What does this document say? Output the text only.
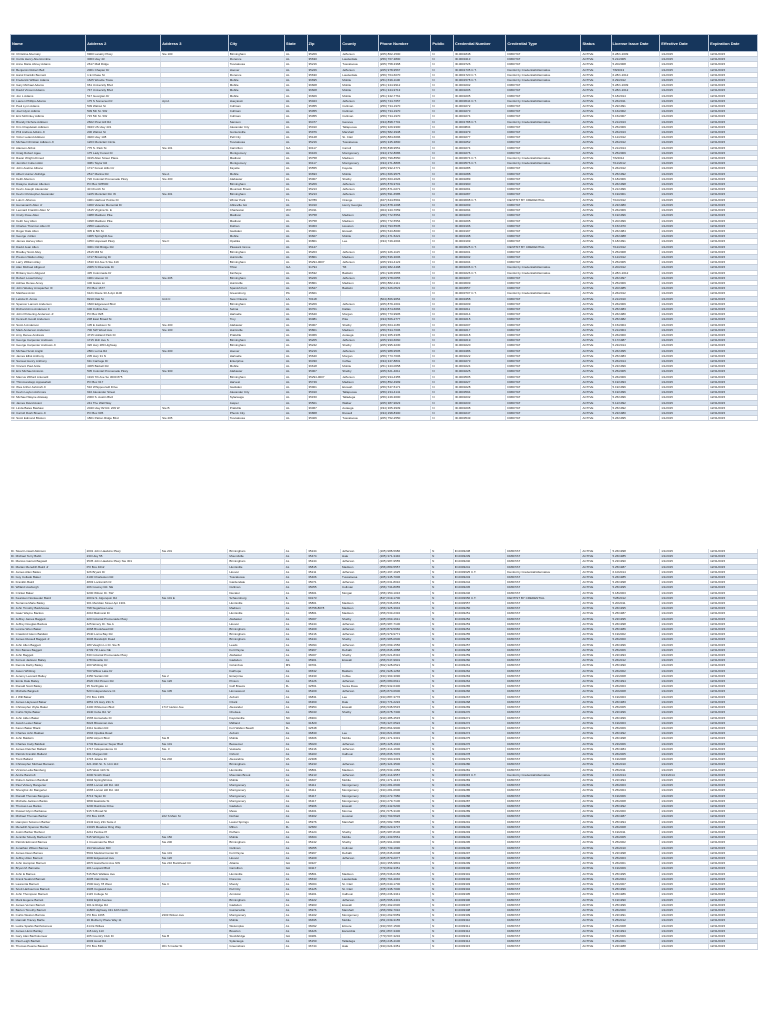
Name	Address 2	Address 3	City	State	Zip	County	Phone Number	Public	Credential Number	Credential Type	Status	License Issue Date	Effective Date	Expiration Date
Dr. Christina Abernaty	6900 Lanatry Pkwy	Ste 100	Birmingham	AL	35209	Jefferson	(205) 802-1500	N	ID.0001848	DMD/TAT	ACTIVE	6.28/1.2009	1/1/2015	12/31/2015
Dr. Curtis Henry Abercrombie	3063 Hwy 43		Florence	AL	35630	Lauderdale	(256) 767-3800	N	ID.0003413	DMD/TAT	ACTIVE	5.21/2005	1/1/2015	12/31/2015
Dr. Anne Marie Abney Adams	2617 Mall Ridge		Tuscaloosa	AL	35216	Tuscaloosa	(205) 758-3368	N	ID.0003726	DMD/TAT	ACTIVE	5.20/2008	1/1/2015	12/31/2015
Dr. Benjamin Robert Bell	2001 Chapter Dr		Hoover	AL	35226	Jefferson	(205) 978-9567	N	ID.0001735 C.T.	Dentist by Credential/Alternative	ACTIVE	7/8/2013	1/1/2015	12/31/2015
Dr. Harol Franklin Bennett	1 E Chase St		Florence	AL	35630	Lauderdale	(256) 764-6070	N	ID.0001720 C.T.	Dentist by Credential/Alternative	ACTIVE	6.28/1.2012	1/1/2015	12/31/2015
Dr. Frederick William Adams	1625 Woodie Trace		Mobile	AL	36695	Mobile	(251) 639-1100	N	ID.0001578 C.T.	Dentist by Credential/Alternative	ACTIVE	6.29/2012	1/1/2015	12/31/2015
Dr. Gary Michael Adams	661 University Blvd		Mobile	AL	36608	Mobile	(251) 344-9912	N	ID.0003202	DMD/TAT	ACTIVE	5.28/1.2009	1/1/2015	12/31/2015
Dr. David Vincent Adams	747 University Blvd		Mobile	AL	36608	Mobile	(251) 344-9713	N	ID.0003205	DMD/TAT	ACTIVE	5.28/1.2012	1/1/2015	12/31/2015
Dr. Jon L Adams	517 Georgian Dr		Mobile	AL	36609	Mobile	(251) 342-7761	N	ID.0003205	DMD/TAT	ACTIVE	5.18/2014	1/1/2015	12/31/2015
Dr. Lauren Phillips Adams	175 S Somerset Dr	Apt A	Hueytown	AL	35023	Jefferson	(205) 744-7057	N	ID.0003644 C.T.	Dentist by Credential/Alternative	ACTIVE	5.26/2011	1/1/2015	12/31/2015
Dr. Paul Lynn Adams	509 Walnut St		Cullman	AL	35055	Cullman	(256) 734-1970	N	ID.0003272	DMD/TAT	ACTIVE	5.29/1991	1/1/2015	12/31/2015
Dr. Joel Glynn Adkins	509 5th St. SW		Cullman	AL	35055	Cullman	(256) 734-1970	N	ID.0003273	DMD/TAT	ACTIVE	5.16/2002	1/1/2015	12/31/2015
Dr. Eric McKinley Adkins	715 5th St. SW		Cullman	AL	35055	Cullman	(256) 734-1970	N	ID.0003274	DMD/TAT	ACTIVE	5.15/2007	1/1/2015	12/31/2015
Dr. Brandy Nichole Adkison	2602 Pinel Hill Rd		Samson	AL	36477	Geneva	(334) 898-7701	N	ID.0001788 C.T.	Dentist by Credential/Alternative	ACTIVE	5.21/2013	1/1/2015	12/31/2015
Dr. Kim Chapdelain Adkison	3943 US Hwy 431		Alexander City	AL	35010	Tallapoosa	(256) 329-9300	N	ID.0000834	DMD/TAT	ACTIVE	5.25/2009	1/1/2015	12/31/2015
Dr. Phil Andrew Adkins Jr	200 Walnut St		Guntersville	AL	35976	Marshall	(256) 582-3938	N	ID.0003479	DMD/TAT	ACTIVE	5.26/2013	1/1/2015	12/31/2015
Dr. Victor Leland Adkison	4920 Hwy 138		Pell City	AL	35128	St. Clair	(205) 884-6696	N	ID.0003277	DMD/TAT	ACTIVE	5.12/2012	1/1/2015	12/31/2015
Dr. Michael Christian Adkison Jr	1203 Montclair Circle		Tuscaloosa	AL	35216	Tuscaloosa	(205) 345-3800	N	ID.0003252	DMD/TAT	ACTIVE	5.26/2012	1/1/2015	12/31/2015
Dr. Alanson Abbot	775 S. Park St	Ste 101	Carrollton	GA	30117	Carroll	(678) 838-9551	N	ID.0003274	DMD/TAT	ACTIVE	5.21/2014	1/1/2015	12/31/2015
Dr. Craig Robert Agee	175 Lady Forest Dr		Montgomery	AL	36109	Montgomery	(334) 272-8686	N	ID.0003276	DMD/TAT	ACTIVE	5.25/2009	1/1/2015	12/31/2015
Dr. Ravar Wright Ahmed	3315 Allen Street Place		Madison	AL	35758	Madison	(256) 799-8550	N	ID.0003674 C.T.	Dentist by Credential/Alternative	ACTIVE	7/6/2012	1/1/2015	12/31/2015
Dr. Jennifer Cutten Akin	3081 Taylor Rd		Montgomery	AL	36117	Montgomery	(334) 271-8805	N	ID.0003576 C.T.	Dentist by Credential/Alternative	ACTIVE	7/11/2012	1/1/2015	12/31/2015
Dr. John Avelino Albano	1717 Forest Hills Cir		Fayette	AL	35555	Fayette	(205) 932-4771	N	ID.0003285	DMD/TAT	ACTIVE	5.26/2012	1/1/2015	12/31/2015
Dr. Albert Hunter Aldridge	2517 Marina Rd	Ste A	Mobile	AL	36693	Mobile	(251) 666-9575	N	ID.0003288	DMD/TAT	ACTIVE	5.25/1992	1/1/2015	12/31/2015
Dr. Keith Allenton	720 Colonial Promenade Pkwy	Ste 400	Alabaster	AL	35007	Shelby	(205) 663-2626	N	ID.0003289	DMD/TAT	ACTIVE	5.18/2006	1/1/2015	12/31/2015
Dr. Dwayne Hudson Allenton	PO Box 935500		Birmingham	AL	35209	Jefferson	(205) 879-9701	N	ID.0003390	DMD/TAT	ACTIVE	5.26/1998	1/1/2015	12/31/2015
Dr. Kevin Joseph Alexander	40 Church St		Mountain Brook	AL	35213	Jefferson	(205) 871-0271	N	ID.0003291	DMD/TAT	ACTIVE	5.21/1996	1/1/2015	12/31/2015
Dr. Kevin Christopher Alexander	1225 Montclair Rd. W	Ste 401	Birmingham	AL	35213	Jefferson	(205) 591-6585	N	ID.0003287	DMD/TAT	ACTIVE	5.19/2001	1/1/2015	12/31/2015
Dr. Luis F. Alfonso	1901 Harbour Pointe Dr		Winter Park	FL	32789	Orange	(407) 644-5591	N	ID.0003698 C.T.	DENTIST BY CREDENTIAL	ACTIVE	7/10/2012	1/1/2015	12/31/2015
Dr. Hemananth Allen Jr	1300 Veteran Memorial Dr		Abbeville GA	AL	36310	Henry Georgia	(912) 878-1098	N	ID.0003299	DMD/TAT	ACTIVE	6.23/1980	1/1/2015	12/31/2015
Dr. Leonard Franklin Allen IV	1615 Virginia St. E		Charleston	WV	25311		(304) 343-7059	N	ID.0003294	DMD/TAT	ACTIVE	5.26/2009	1/1/2015	12/31/2015
Dr. Cindy Rose Allen	1988 Madison Pike		Madison	AL	35758	Madison	(256) 772-5554	N	ID.0003293	DMD/TAT	ACTIVE	5.19/1996	1/1/2015	12/31/2015
Dr. Keith Ivey Allen	1998 Madison Pike		Madison	AL	35758	Madison	(256) 772-5554	N	ID.0003295	DMD/TAT	ACTIVE	5.20/1999	1/1/2015	12/31/2015
Dr. Charles Thornton Allen III	2950 Lakeshore		Dothan	AL	36303	Houston	(334) 793-5535	N	ID.0003196	DMD/TAT	ACTIVE	5.15/1970	1/1/2015	12/31/2015
Dr. Roger Dale Allen	305 E 5th St		Gadsden	AL	35901	Etowah	(256) 543-8000	N	ID.0003197	DMD/TAT	ACTIVE	5.26/1984	1/1/2015	12/31/2015
Dr. George J Allen	1965 Springhill Ave		Mobile	AL	36607	Mobile	(251) 471-5221	N	ID.0003198	DMD/TAT	ACTIVE	5.26/1988	1/1/2015	12/31/2015
Dr. James Harvey Allen	1350 Hopewell Pkwy	Ste F	Opelika	AL	36801	Lee	(334) 749-2004	N	ID.0003199	DMD/TAT	ACTIVE	5.18/1991	1/1/2015	12/31/2015
Dr. David Jean Allen	3001 Old Bridge Rd		Pleasant Grove	AL	35127			N	ID.0003625 C.T.	DENTIST BY CREDENTIAL	ACTIVE	7/12/2012	1/1/2015	12/31/2015
Dr. Bradley Scott Alley	2615 Mill St		Birmingham	AL	35203	Jefferson	(205) 326-1115	N	ID.0003201	DMD/TAT	ACTIVE	5.25/2008	1/1/2015	12/31/2015
Dr. Preston Walton Alley	1717 Browning Dr		Huntsville	AL	35801	Madison	(256) 536-3006	N	ID.0003202	DMD/TAT	ACTIVE	5.12/2012	1/1/2015	12/31/2015
Dr. Larry William Alley	1530 3rd Ave S Ste 419		Birmingham	AL	35294-0007	Jefferson	(205) 934-4123	N	ID.0003204	DMD/TAT	ACTIVE	5.25/2005	1/1/2015	12/31/2015
Dr. Alan Michael Alligood	2005 N Riverside Dr		Tifton	GA	31794	Tift	(229) 382-4498	N	ID.0003206 C.T.	Dentist by Credential/Alternative	ACTIVE	6.20/2012	1/1/2015	12/31/2015
Dr. Brittany Hern Alligood	435 Colonnade Dr		Fairhope	AL	36532	Baldwin	(251) 928-9565	N	ID.0003226 C.T.	Dentist by Credential/Alternative	ACTIVE	6.28/1.2012	1/1/2015	12/31/2015
Dr. Robert Lowell Alvey	1901 Hoover Ct	Ste 205	Birmingham	AL	35226	Jefferson	(205) 978-0655	N	ID.0003207	DMD/TAT	ACTIVE	5.26/1997	1/1/2015	12/31/2015
Dr. Ashlee Renee Amey	100 Gates Ln		Huntsville	AL	35801	Madison	(256) 882-2111	N	ID.0003609	DMD/TAT	ACTIVE	5.25/2009	1/1/2015	12/31/2015
Dr. John Wesley Amspacher III	PO Box 1677		Spanish Fort	AL	36527	Baldwin	(251) 626-0523	N	ID.0003557	DMD/TAT	ACTIVE	5.20/1985	1/1/2015	12/31/2015
Dr. Matthew Amin	6121 Route 30 & Apt 1100		Greensburg	PA	15601			N	ID.0003707 C.T.	Dentist by Credential/Alternative	ACTIVE	6.26/2012	1/1/2015	12/31/2015
Dr. Leticia R. Amos	8210 Oak St	Unit C	New Orleans	LA	70118		(504) 866-9654	N	ID.0003458	DMD/TAT	ACTIVE	6.21/2010	1/1/2015	12/31/2015
Dr. Spencer Lamont Anderson	1600 Edgewood Blvd		Birmingham	AL	35209	Jefferson	(205) 879-1601	N	ID.0003209	DMD/TAT	ACTIVE	5.26/2009	1/1/2015	12/31/2015
Dr. Richard Arno Anderson II	100 Collins Ave		Selma	AL	36701	Dallas	(334) 874-6666	N	ID.0003211	DMD/TAT	ACTIVE	5.25/1983	1/1/2015	12/31/2015
Dr. John Prickering Anderson Jr	PO Box 828		Hartselle	AL	35640	Morgan	(256) 773-9905	N	ID.0003214	DMD/TAT	ACTIVE	5.26/1980	1/1/2015	12/31/2015
Dr. Kenneth Gould Anderson	238 East Broad St		Troy	AL	36081	Pike	(334) 566-2777	N	ID.0003215	DMD/TAT	ACTIVE	5.25/1982	1/1/2015	12/31/2015
Dr. Scott A Anderson	105 E Jackson St	Ste 400	Alabaster	AL	35007	Shelby	(205) 664-1165	N	ID.0003207	DMD/TAT	ACTIVE	5.15/2004	1/1/2015	12/31/2015
Dr. Mark Anderson Anderson	700 SW Wood Ave	Ste 100	Huntsville	AL	35801	Madison	(256) 534-7006	N	ID.0003217	DMD/TAT	ACTIVE	5.21/2004	1/1/2015	12/31/2015
Dr. Amy Renee Andrews	4715 Holland Park Dr		Prattville	AL	36066	Autauga	(334) 365-3335	N	ID.0003218	DMD/TAT	ACTIVE	5.26/2000	1/1/2015	12/31/2015
Dr. George Carpenter Andrews	1715 11th Ave S		Birmingham	AL	35205	Jefferson	(205) 933-6660	N	ID.0003219	DMD/TAT	ACTIVE	5.17/1987	1/1/2015	12/31/2015
Dr. George Carpenter Andrews Jr	320 Hwy 280 Highway		Birmingham	AL	35242	Shelby	(205) 995-3230	N	ID.0003220	DMD/TAT	ACTIVE	5.23/2014	1/1/2015	12/31/2015
Dr. Michael Scott Anglin	2801 Lorna Rd	Ste 200	Hoover	AL	35216	Jefferson	(205) 988-9505	N	ID.0003486	DMD/TAT	ACTIVE	5.26/1995	1/1/2015	12/31/2015
Dr. James Elliot Anthony	205 Hwy 31 N		Hartselle	AL	35640	Morgan	(256) 773-7006	N	ID.0003222	DMD/TAT	ACTIVE	5.25/1983	1/1/2015	12/31/2015
Dr. Samuel Henry Anthony	611 Carriage Dr		Enterprise	AL	36330	Coffee	(334) 347-8831	N	ID.0003273	DMD/TAT	ACTIVE	5.26/2014	1/1/2015	12/31/2015
Dr. Vincent Paul Antle	4305 Barkell Rd		Mobile	AL	36618	Mobile	(251) 343-0658	N	ID.0003224	DMD/TAT	ACTIVE	5.23/1999	1/1/2015	12/31/2015
Dr. Eric Michael Antonio	505 Colonial Promenade Pkwy	Ste 300	Alabaster	AL	35007	Shelby	(205) 621-4011	N	ID.0003225	DMD/TAT	ACTIVE	5.25/2005	1/1/2015	12/31/2015
Dr. Marcus Wilford Antonelli	1919 7th Ave So 3000 875		Birmingham	AL	35294-0007	Jefferson	(205) 934-4355	N	ID.0003505	DMD/TAT	ACTIVE	5.26/2009	1/1/2015	12/31/2015
Dr. Thimmandapp Appasaheb	PO Box 617		Harvest	AL	35749	Madison	(256) 852-4999	N	ID.0003227	DMD/TAT	ACTIVE	5.19/1993	1/1/2015	12/31/2015
Dr. Wes Arthur Ashcraft Jr	510 Whippoorwill Drive		Gadsden	AL	35901	Etowah	(256) 547-5171	N	ID.0003228	DMD/TAT	ACTIVE	5.19/1996	1/1/2015	12/31/2015
Dr. Kevin Layton Ashmore	910 Alexander Street		Alexander City	AL	35010	Tallapoosa	(256) 234-4141	N	ID.0003594	DMD/TAT	ACTIVE	5.19/1996	1/1/2015	12/31/2015
Dr. Michael Wayne Attaway	2000 S. Austin Blvd		Sylacauga	AL	35150	Talladega	(256) 249-3000	N	ID.0003232	DMD/TAT	ACTIVE	5.25/1996	1/1/2015	12/31/2015
Dr. James David Avant	241 The Wall Way		Jasper	AL	35501	Walker	(205) 387-9623	N	ID.0003233	DMD/TAT	ACTIVE	5.12/1992	1/1/2015	12/31/2015
Dr. Linda Bates Bashaw	2040 Hwy 82 Rd. 209 W	Ste B	Prattville	AL	36067	Autauga	(334) 365-3939	N	ID.0003208	DMD/TAT	ACTIVE	5.25/1992	1/1/2015	12/31/2015
Dr. Carroll Rush Bivens Jr	PO Box 605		Phenix City	AL	36868	Russell	(334) 298-8300	N	ID.0003247	DMD/TAT	ACTIVE	5.23/1980	1/1/2015	12/31/2015
Dr. Scott Edmond Bixston	1801 Patton Ridge Blvd	Ste 205	Tuscaloosa	AL	35406	Tuscaloosa	(205) 752-2550	N	ID.0003549	DMD/TAT	ACTIVE	5.26/1995	1/1/2015	12/31/2015
Dr. Stuart Linwell Atkinson	2001 John Hawkins Pkwy	Ste 201	Birmingham	AL	35244	Jefferson	(205) 988-5686	N	ID.0003238	DMD/TAT	ACTIVE	5.26/1998	1/1/2015	12/31/2015
Dr. Michael Terry Babb	230 Hwy 55		Moundville	AL	35474	Hale	(205) 371-3440	N	ID.0003239	DMD/TAT	ACTIVE	5.26/1985	1/1/2015	12/31/2015
Dr. Marcus Garrett Bagwell	3535 John Hawkins Pkwy Ste 301		Birmingham	AL	35244	Jefferson	(205) 987-9555	N	ID.0003240	DMD/TAT	ACTIVE	5.23/1990	1/1/2015	12/31/2015
Dr. Marian Meredith Baird Jr	PO Box 4012		Huntsville	AL	35815	Madison	(256) 883-5557	N	ID.0003241	DMD/TAT	ACTIVE	5.25/1987	1/1/2015	12/31/2015
Dr. James Allen Bailes	326 Bryant Dr		Hoover	AL	35211	Jefferson	(205) 497-1625	N	ID.0003625 C.T.	Dentist by Credential/Alternative	ACTIVE	6.10/2014	1/1/2015	12/31/2015
Dr. Guy Collado Baker	4100 Charleston Rd		Tuscaloosa	AL	35406	Tuscaloosa	(205) 345-7006	N	ID.0003243	DMD/TAT	ACTIVE	5.26/1985	1/1/2015	12/31/2015
Dr. Franklin Baird	4803 Locksmith Dr		Gardendale	AL	35071	Jefferson	(205) 631-8010	N	ID.0003244	DMD/TAT	ACTIVE	5.26/1998	1/1/2015	12/31/2015
Dr. Willard Hosburgh	206 Cowrey Rd. NE		Cullman	AL	35055	Cullman	(256) 734-8055	N	ID.0003245	DMD/TAT	ACTIVE	5.25/1995	1/1/2015	12/31/2015
Dr. Cricket Baker	3200 Wilson Dr. SW		Decatur	AL	35601	Morgan	(256) 350-1016	N	ID.0003246	DMD/TAT	ACTIVE	5.18/2003	1/1/2015	12/31/2015
Dr. Kearsten Nonkeeder Baird	200 E S. Algonquin Rd	Ste 101 E	Schaumburg	IL	60173		(847) 619-1700	N	ID.0003656 C.T.	DENTIST BY CREDENTIAL	ACTIVE	7/28/2012	1/1/2015	12/31/2015
Dr. Suzanna Marie Bailey	301 Meridian Street Apt 1301		Huntsville	AL	35801	Madison	(256) 536-0651	N	ID.0003557	DMD/TAT	ACTIVE	5.20/2011	1/1/2015	12/31/2015
Dr. John Timothy Backhouse	798 Sugartree Lane		Madison	AL	35758-8078	Madison	(256) 325-3934	N	ID.0003250	DMD/TAT	ACTIVE	5.26/1995	1/1/2015	12/31/2015
Dr. Isaac Wayne Backus	4010 Balmoral Dr		Huntsville	AL	35801	Madison	(256) 533-2332	N	ID.0003251	DMD/TAT	ACTIVE	5.25/1987	1/1/2015	12/31/2015
Dr. Jeffrey James Baggett	220 Colonial Promenade Pkwy		Alabaster	AL	35007	Shelby	(205) 663-1611	N	ID.0003252	DMD/TAT	ACTIVE	5.23/1995	1/1/2015	12/31/2015
Dr. Jeffrey Douglas Backus	425 Emery Dr. Ste A		Hoover	AL	35244	Jefferson	(205) 987-7100	N	ID.0003253	DMD/TAT	ACTIVE	5.26/1998	1/1/2015	12/31/2015
Dr. Lonnie Wren Baker	2068 Brookhead Rd		Birmingham	AL	35209	Jefferson	(205) 879-5960	N	ID.0003254	DMD/TAT	ACTIVE	5.25/1986	1/1/2015	12/31/2015
Dr. Crawford Glenn Baldwin	2540 Lorna Bay Rd		Birmingham	AL	35216	Jefferson	(205) 979-9771	N	ID.0003255	DMD/TAT	ACTIVE	5.19/2002	1/1/2015	12/31/2015
Dr. James Russell Baggett Jr	3006 Randolph Road		Birmingham	AL	35244	Shelby	(205) 985-0600	N	ID.0003256	DMD/TAT	ACTIVE	5.26/2000	1/1/2015	12/31/2015
Dr. John Allen Baggett	180 Vaughn Ln Dr. Ste B		Leeds	AL	35094	Jefferson	(205) 699-1556	N	ID.0003257	DMD/TAT	ACTIVE	5.26/1996	1/1/2015	12/31/2015
Dr. Kim Baines Baggett	2709 7th Lane NE		Fort Payne	AL	35967	DeKalb	(256) 845-4888	N	ID.0003258	DMD/TAT	ACTIVE	5.25/2006	1/1/2015	12/31/2015
Dr. John Baggett	630 Colonial Promenade Pkwy		Alabaster	AL	35007	Shelby	(205) 621-8310	N	ID.0003259	DMD/TAT	ACTIVE	5.23/1993	1/1/2015	12/31/2015
Dr. Forrest Jackson Bailey	178 Reveille Cir		Gadsden	AL	35901	Etowah	(256) 547-9901	N	ID.0003260	DMD/TAT	ACTIVE	5.26/2012	1/1/2015	12/31/2015
Dr. Dennis Darby Bailey	200 Whitting Dr		Columbus	MS	39701		(662) 328-0521	N	ID.0003261	DMD/TAT	ACTIVE	5.25/1990	1/1/2015	12/31/2015
Dr. Jason Whitting	700 Willow Lake Dr		Fairhope	AL	36532	Baldwin	(251) 928-1266	N	ID.0003262	DMD/TAT	ACTIVE	5.26/2002	1/1/2015	12/31/2015
Dr. Jeremy Leonard Bailey	4350 Sartain Rd	Ste 2	Enterprise	AL	36330	Coffee	(334) 393-3090	N	ID.0003263	DMD/TAT	ACTIVE	5.22/2008	1/1/2015	12/31/2015
Dr. Emile Dale Bailey	4520 Old Pinson Rd	Ste 126	Pinson	AL	35126	Jefferson	(205) 680-6611	N	ID.0003264	DMD/TAT	ACTIVE	5.25/1994	1/1/2015	12/31/2015
Dr. Ronald Scott Bailey	35 Northgate Ln		Gulf Breeze	FL	32561	Santa Rosa	(850) 932-6400	N	ID.0003265	DMD/TAT	ACTIVE	5.26/2003	1/1/2015	12/31/2015
Dr. Michelle Baignett	520 Independence Ct	Ste 105	Homewood	AL	35209	Jefferson	(205) 870-6600	N	ID.0003266	DMD/TAT	ACTIVE	5.20/2008	1/1/2015	12/31/2015
Dr. J Will Baker	PO Box 1381		Auburn	AL	36831	Lee	(334) 887-3776	N	ID.0003267	DMD/TAT	ACTIVE	5.19/2003	1/1/2015	12/31/2015
Dr. James Haywood Baker	2851 US Hwy 231 S		Ozark	AL	36360	Dale	(334) 774-2222	N	ID.0003268	DMD/TAT	ACTIVE	5.26/1983	1/1/2015	12/31/2015
Dr. Christopher Wylie Baker	4400 Whiteman Blvd	1717 Helton Ave	Alexander	AL	35954	Etowah	(256) 538-5515	N	ID.0003269	DMD/TAT	ACTIVE	5.25/2005	1/1/2015	12/31/2015
Dr. Curtis Wylie Baker	1940 Cobe Rd. W		Chelsea	AL	35043	Shelby	(205) 678-7300	N	ID.0003270	DMD/TAT	ACTIVE	5.23/1996	1/1/2015	12/31/2015
Dr. John Alden Baker	1565 Horselude Dr		Fayetteville	NC	28304		(910) 485-4515	N	ID.0003271	DMD/TAT	ACTIVE	5.26/1999	1/1/2015	12/31/2015
Dr. Jacob Lester Baker	6024 Blossman Ave		Midland	GA	31820		(706) 327-6522	N	ID.0003272	DMD/TAT	ACTIVE	5.19/2003	1/1/2015	12/31/2015
Dr. Karen Baker Black	4311 Golden Rd		Fort Walton Beach	FL	32548		(850) 864-9900	N	ID.0003273	DMD/TAT	ACTIVE	5.25/2009	1/1/2015	12/31/2015
Dr. Charles John Bakken	1504 Opelika Road		Auburn	AL	36830	Lee	(334) 821-6630	N	ID.0003274	DMD/TAT	ACTIVE	5.26/1992	1/1/2015	12/31/2015
Dr. John Baldwin	2050 Airport Blvd	Ste B	Mobile	AL	36606	Mobile	(251) 471-3331	N	ID.0003275	DMD/TAT	ACTIVE	5.26/1998	1/1/2015	12/31/2015
Dr. Charles Cody Baldwin	1732 Bessemer Super Blvd	Ste 101	Bessemer	AL	35020	Jefferson	(205) 425-1610	N	ID.0003276	DMD/TAT	ACTIVE	5.23/2006	1/1/2015	12/31/2015
Dr. James Fletcher Ballard	1717 Independence Ct	Ste. 3	Vestavia	AL	35216	Jefferson	(205) 414-1600	N	ID.0003277	DMD/TAT	ACTIVE	5.25/1984	1/1/2015	12/31/2015
Dr. Patrick Franklin Ballard	301 Morgan Rd		Oxford	AL	36203	Calhoun	(256) 835-7070	N	ID.0003278	DMD/TAT	ACTIVE	5.26/2005	1/1/2015	12/31/2015
Dr. Trent Ballard	1715 Jelane Dr	Ste 202	Alexandria	VA	22308		(703) 360-3333	N	ID.0003279	DMD/TAT	ACTIVE	5.19/2008	1/1/2015	12/31/2015
Dr. Christopher Michael Bamann	421 29th St. S. Unit 110		Birmingham	AL	35233	Jefferson	(205) 324-3500	N	ID.0003280	DMD/TAT	ACTIVE	5.26/2010	1/1/2015	12/31/2015
Dr. Victoria Leila Bamberg	125 West 11th St		Huntsville	AL	35801	Madison	(256) 533-1950	N	ID.0003281	DMD/TAT	ACTIVE	5.25/2011	1/1/2015	12/31/2015
Dr. Andre Bancroft	4000 Smith Road		Mountain Brook	AL	35213	Jefferson	(205) 414-9557	N	ID.0003615 C.T.	Dentist by Credential/Alternative	ACTIVE	6.10/2014	9/13/2014	12/31/2015
Dr. Robert Jackson Banfield	3004 Springhill Ave		Mobile	AL	36607	Mobile	(251) 471-1133	N	ID.0003283	DMD/TAT	ACTIVE	5.23/1994	1/1/2015	12/31/2015
Dr. Paul Vickery Bangerter	2665 Locust Hill Rd. 110		Montgomery	AL	36111	Montgomery	(334) 281-0600	N	ID.0003284	DMD/TAT	ACTIVE	5.26/2003	1/1/2015	12/31/2015
Dr. Shenghui Jin Bangerter	2665 Locust Hill Rd. 110		Montgomery	AL	36111	Montgomery	(334) 281-0600	N	ID.0003285	DMD/TAT	ACTIVE	5.25/2004	1/1/2015	12/31/2015
Dr. Ronald Thomas Bangura	8713 Taylor Dr		Montgomery	AL	36117	Montgomery	(334) 272-7980	N	ID.0003286	DMD/TAT	ACTIVE	5.19/2006	1/1/2015	12/31/2015
Dr. Michelle Jackson Banks	3800 Eastside St		Montgomery	AL	36117	Montgomery	(334) 279-7100	N	ID.0003287	DMD/TAT	ACTIVE	5.26/2008	1/1/2015	12/31/2015
Dr. Thomas Lee Banks	3200 Rainbow Drive		Gadsden	AL	35906	Etowah	(256) 442-5200	N	ID.0003288	DMD/TAT	ACTIVE	5.25/1992	1/1/2015	12/31/2015
Dr. Russel Glynn Barbaree	915 S Broad St		Mesa	AL	36401	Monroe	(251) 575-3100	N	ID.0003289	DMD/TAT	ACTIVE	5.23/2000	1/1/2015	12/31/2015
Dr. Michael Thomas Barber	PO Box 1035	222 S Main St	Dothan	AL	36302	Houston	(334) 793-5626	N	ID.0003290	DMD/TAT	ACTIVE	5.26/1987	1/1/2015	12/31/2015
Dr. Hampton Solomon Barber	2343 Hwy 231 Suite 2		Laurel Springs	AL	35976	Marshall	(256) 582-7855	N	ID.0003291	DMD/TAT	ACTIVE	5.25/1994	1/1/2015	12/31/2015
Dr. Meredith Spencer Barber	13015 Meadow Ring Way		Milton	FL	32583		(850) 623-3737	N	ID.0003292	DMD/TAT	ACTIVE	5.26/2008	1/1/2015	12/31/2015
Dr. Justin Barber Barbour	4211 Perdue Pl		Pelham	AL	35124	Shelby	(205) 987-8100	N	ID.0003293	DMD/TAT	ACTIVE	5.19/2011	1/1/2015	12/31/2015
Dr. Jennifer Moody Barbour III	515 Wirtzgion St	Ste 150	Mobile	AL	36604	Mobile	(251) 433-5561	N	ID.0003294	DMD/TAT	ACTIVE	5.26/2005	1/1/2015	12/31/2015
Dr. Patrick Edmond Barnes	1 Creekmarche Blvd	Ste 200	Birmingham	AL	35242	Shelby	(205) 991-0090	N	ID.0003295	DMD/TAT	ACTIVE	5.25/2002	1/1/2015	12/31/2015
Dr. Jonathan Wilson Barnes	194 Woodson Mill		Cullman	AL	35055	Cullman	(256) 739-1990	N	ID.0003296	DMD/TAT	ACTIVE	5.26/2010	1/1/2015	12/31/2015
Dr. James Dean Barnes	5501 Medical Center Dr	Ste 101	Fort Payne	AL	35967	DeKalb	(256) 845-0008	N	ID.0003297	DMD/TAT	ACTIVE	5.23/1998	1/1/2015	12/31/2015
Dr. Jeffrey Allen Barnett	2000 Edgewood Ave	Ste 120	Hoover	AL	35209	Jefferson	(205) 879-2077	N	ID.0003298	DMD/TAT	ACTIVE	5.25/2003	1/1/2015	12/31/2015
Dr. John Hampton Barnett	2870 Hazelhurst Ave NW	Ste 210 Buckhead Ctr	Atlanta	GA	30327		(404) 355-9801	N	ID.0003299	DMD/TAT	ACTIVE	5.26/2001	1/1/2015	12/31/2015
Dr. Bryan M. Barnette	201 Leopard Blvd		Carrollton	GA	30117		(770) 832-3351	N	ID.0003300	DMD/TAT	ACTIVE	5.19/2009	1/1/2015	12/31/2015
Dr. John E Barnes	515 Bob Wallace Ave		Huntsville	AL	35801	Madison	(256) 536-0150	N	ID.0003301	DMD/TAT	ACTIVE	5.25/1995	1/1/2015	12/31/2015
Dr. Frank Seaford Barnett	4005 Oak Circle		Florence	AL	35633	Lauderdale	(256) 764-4040	N	ID.0003302	DMD/TAT	ACTIVE	5.26/2004	1/1/2015	12/31/2015
Dr. Laurentia Barnett	1500 Hwy 78 West	Ste C	Moody	AL	35004	St. Clair	(205) 640-1700	N	ID.0003303	DMD/TAT	ACTIVE	5.23/2007	1/1/2015	12/31/2015
Dr. Scott Harbourrow Barnett	1905 Cogswell Ave		Pell City	AL	35125	St. Clair	(205) 338-7000	N	ID.0003304	DMD/TAT	ACTIVE	5.25/1999	1/1/2015	12/31/2015
Dr. John Thompson Barnett	2115 College St		Anniston	AL	36201	Calhoun	(256) 236-3341	N	ID.0003305	DMD/TAT	ACTIVE	5.26/1986	1/1/2015	12/31/2015
Dr. Mark Eugene Barrett	3402 Eight Avenue		Birmingham	AL	35222	Jefferson	(205) 595-4401	N	ID.0003306	DMD/TAT	ACTIVE	5.19/1990	1/1/2015	12/31/2015
Dr. James Vernon Barrett	301 E Ridge Rd		Gadsden	AL	35903	Etowah	(256) 492-0930	N	ID.0003307	DMD/TAT	ACTIVE	5.25/1996	1/1/2015	12/31/2015
Dr. Barton Timothy Barrett	11808 Highway 431 42th North		Guntersville	AL	35976	Marshall	(256) 582-7010	N	ID.0003308	DMD/TAT	ACTIVE	5.26/2000	1/1/2015	12/31/2015
Dr. Curtis Weston Barrow	PO Box 1065	2303 Wilson Ave	Montgomery	AL	36102	Montgomery	(334) 262-5959	N	ID.0003309	DMD/TAT	ACTIVE	5.23/1991	1/1/2015	12/31/2015
Dr. Hannah Tracey Bartle	16 Mulberry Place Way 11		Mobile	AL	36695	Mobile	(251) 639-3155	N	ID.0003310	DMD/TAT	ACTIVE	5.25/2012	1/1/2015	12/31/2015
Dr. Leslie Sparks Bartholomew	414 E Wilkes		Wetumpka	AL	36092	Elmore	(334) 567-1500	N	ID.0003311	DMD/TAT	ACTIVE	5.26/2008	1/1/2015	12/31/2015
Dr. James Hurst Bartley	115 Hwy 113		Brewton	AL	36426	Escambia	(251) 867-3400	N	ID.0003312	DMD/TAT	ACTIVE	5.19/1994	1/1/2015	12/31/2015
Dr. Gary Alan Bartholomew	205 Country Club Dr	Ste B	Stockbridge	GA	30281		(770) 507-3232	N	ID.0003313	DMD/TAT	ACTIVE	5.25/2006	1/1/2015	12/31/2015
Dr. Paul Leigh Bartlett	2003 Hood Rd		Sylacauga	AL	35150	Talladega	(256) 245-4100	N	ID.0003314	DMD/TAT	ACTIVE	5.26/2001	1/1/2015	12/31/2015
Dr. Thomas Pearce Bassett	PO Box 836	301 S Cedar St	Greensboro	AL	36744	Hale	(334) 624-3351	N	ID.0003315	DMD/TAT	ACTIVE	5.23/1988	1/1/2015	12/31/2015
